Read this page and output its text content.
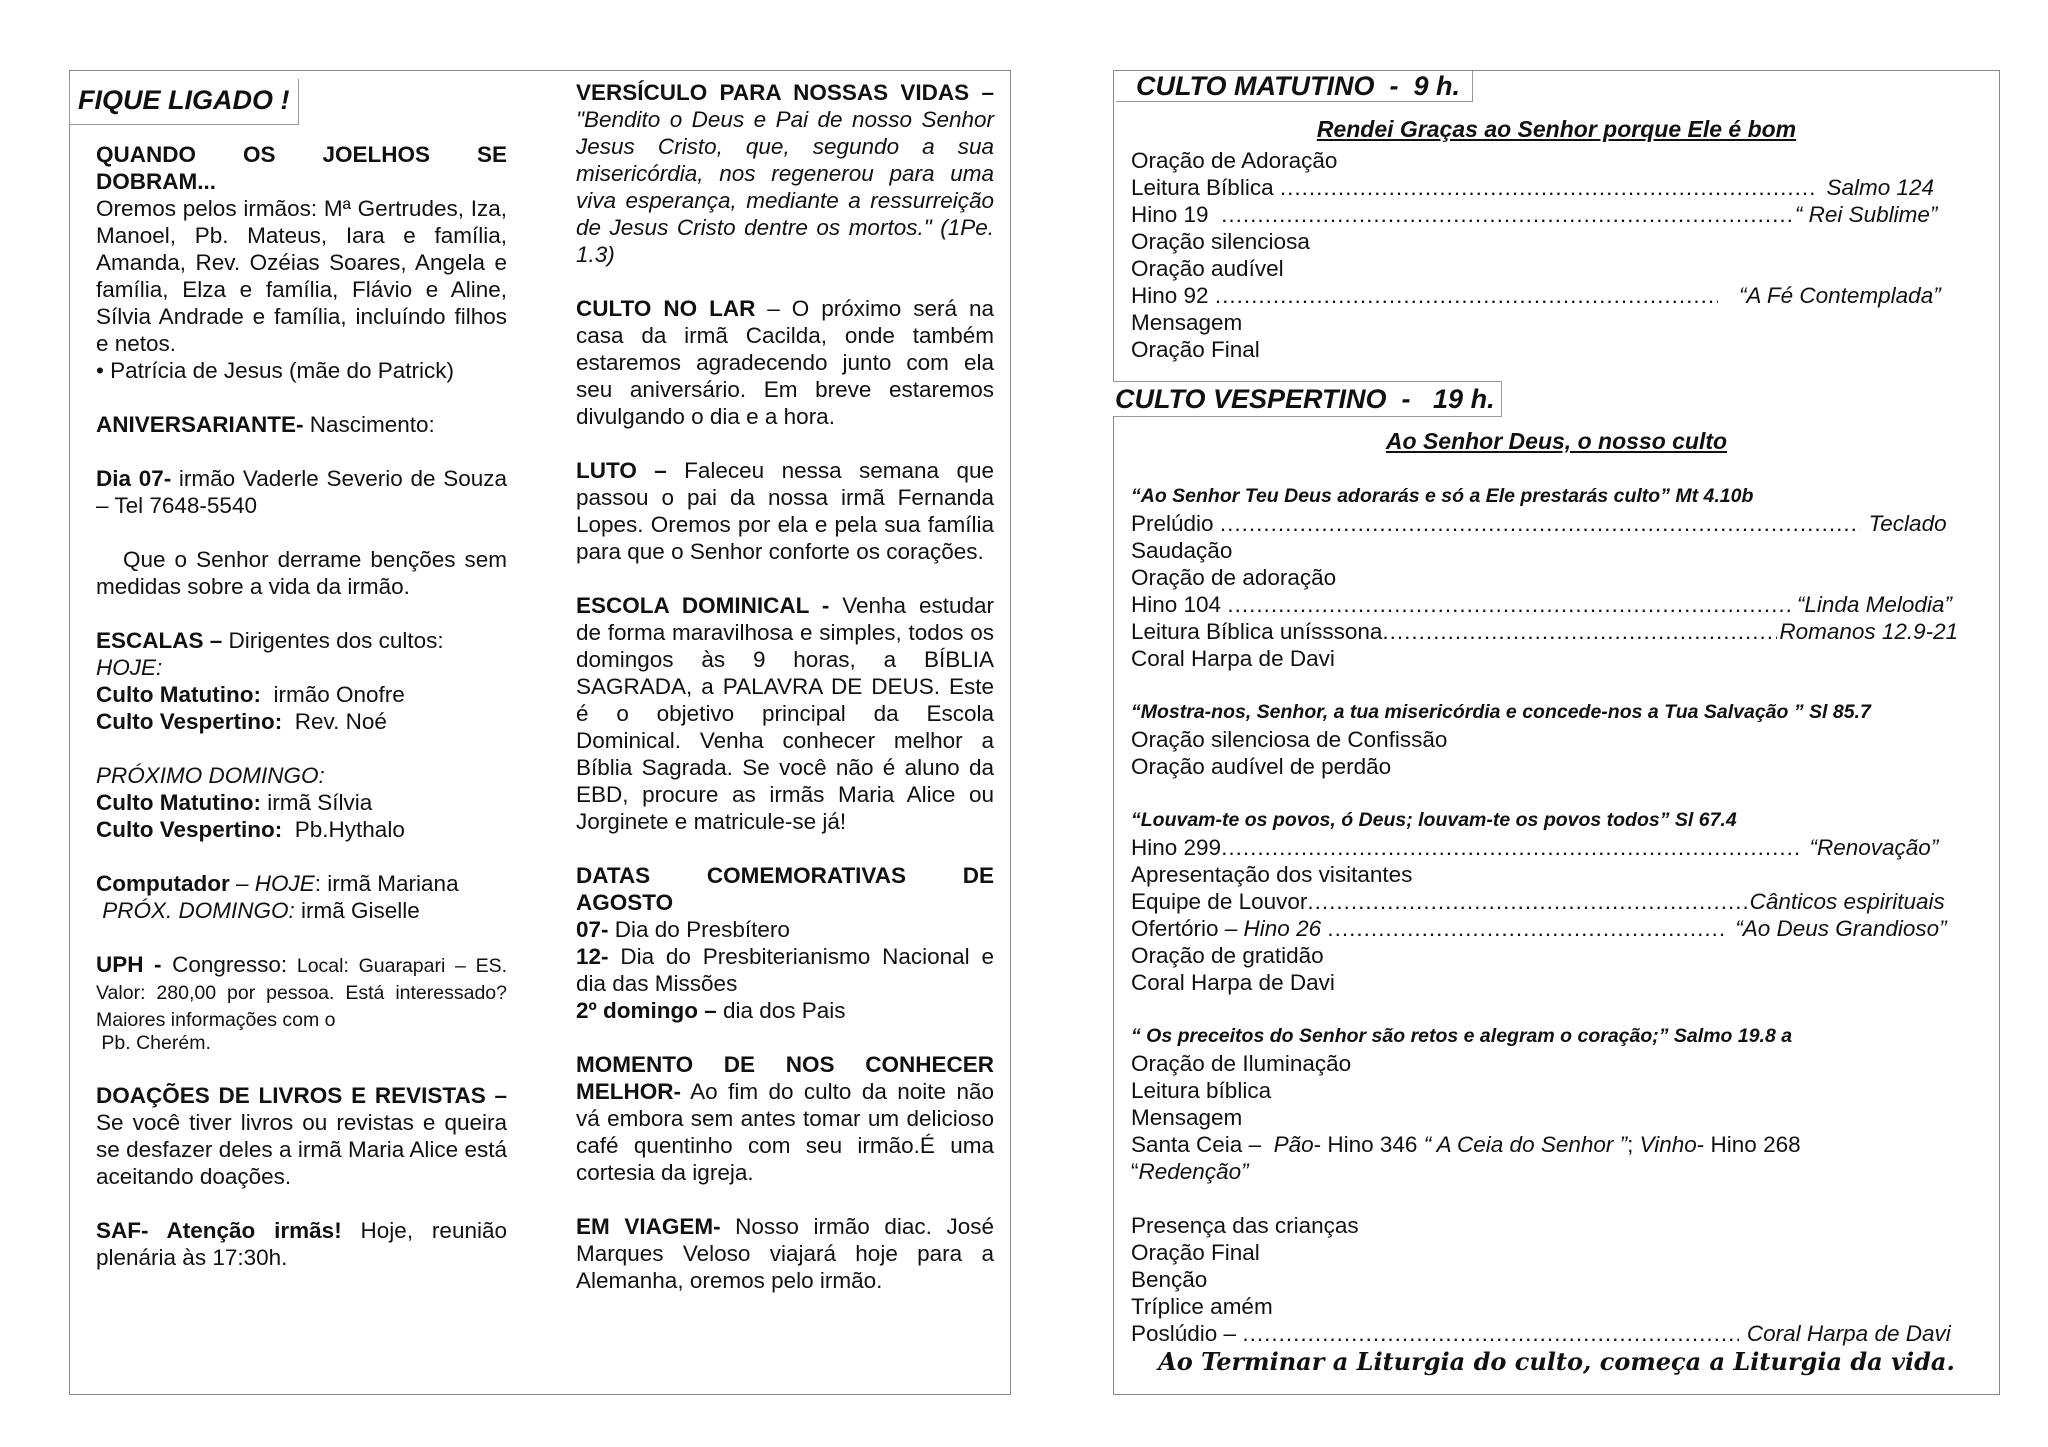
FIQUE LIGADO !
QUANDO OS JOELHOS SE DOBRAM...
Oremos pelos irmãos: Mª Gertrudes, Iza, Manoel, Pb. Mateus, Iara e família, Amanda, Rev. Ozéias Soares, Angela e família, Elza e família, Flávio e Aline, Sílvia Andrade e família, incluíndo filhos e netos.
• Patrícia de Jesus (mãe do Patrick)
ANIVERSARIANTE- Nascimento:
Dia 07- irmão Vaderle Severio de Souza – Tel 7648-5540
Que o Senhor derrame benções sem medidas sobre a vida da irmão.
ESCALAS – Dirigentes dos cultos:
HOJE:
Culto Matutino:  irmão Onofre
Culto Vespertino:  Rev. Noé
PRÓXIMO DOMINGO:
Culto Matutino: irmã Sílvia
Culto Vespertino:  Pb.Hythalo
Computador – HOJE: irmã Mariana
PRÓX. DOMINGO: irmã Giselle
UPH - Congresso: Local: Guarapari – ES. Valor: 280,00 por pessoa. Está interessado? Maiores informações com o
Pb. Cherém.
DOAÇÕES DE LIVROS E REVISTAS – Se você tiver livros ou revistas e queira se desfazer deles a irmã Maria Alice está aceitando doações.
SAF- Atenção irmãs! Hoje, reunião plenária às 17:30h.
VERSÍCULO PARA NOSSAS VIDAS – "Bendito o Deus e Pai de nosso Senhor Jesus Cristo, que, segundo a sua misericórdia, nos regenerou para uma viva esperança, mediante a ressurreição de Jesus Cristo dentre os mortos." (1Pe. 1.3)
CULTO NO LAR – O próximo será na casa da irmã Cacilda, onde também estaremos agradecendo junto com ela seu aniversário. Em breve estaremos divulgando o dia e a hora.
LUTO – Faleceu nessa semana que passou o pai da nossa irmã Fernanda Lopes. Oremos por ela e pela sua família para que o Senhor conforte os corações.
ESCOLA DOMINICAL - Venha estudar de forma maravilhosa e simples, todos os domingos às 9 horas, a BÍBLIA SAGRADA, a PALAVRA DE DEUS. Este é o objetivo principal da Escola Dominical. Venha conhecer melhor a Bíblia Sagrada. Se você não é aluno da EBD, procure as irmãs Maria Alice ou Jorginete e matricule-se já!
DATAS COMEMORATIVAS DE AGOSTO
07- Dia do Presbítero
12- Dia do Presbiterianismo Nacional e dia das Missões
2º domingo – dia dos Pais
MOMENTO DE NOS CONHECER MELHOR- Ao fim do culto da noite não vá embora sem antes tomar um delicioso café quentinho com seu irmão.É uma cortesia da igreja.
EM VIAGEM- Nosso irmão diac. José Marques Veloso viajará hoje para a Alemanha, oremos pelo irmão.
CULTO MATUTINO  -  9 h.
Rendei Graças ao Senhor porque Ele é bom
Oração de Adoração
Leitura Bíblica .....	Salmo 124
Hino 19 .....	“ Rei Sublime”
Oração silenciosa
Oração audível
Hino 92 .....	“A Fé Contemplada”
Mensagem
Oração Final
CULTO VESPERTINO  -   19 h.
Ao Senhor Deus, o nosso culto
“Ao Senhor Teu Deus adorarás e só a Ele prestarás culto” Mt 4.10b
Prelúdio .....	Teclado
Saudação
Oração de adoração
Hino 104 .....	“Linda Melodia”
Leitura Bíblica unísssona .....	Romanos 12.9-21
Coral Harpa de Davi
“Mostra-nos, Senhor, a tua misericórdia e concede-nos a Tua Salvação ” Sl 85.7
Oração silenciosa de Confissão
Oração audível de perdão
“Louvam-te os povos, ó Deus; louvam-te os povos todos” Sl 67.4
Hino 299 .....	“Renovação”
Apresentação dos visitantes
Equipe de Louvor .....	Cânticos espirituais
Ofertório – Hino 26 .....	“Ao Deus Grandioso”
Oração de gratidão
Coral Harpa de Davi
“ Os preceitos do Senhor são retos e alegram o coração;” Salmo 19.8 a
Oração de Iluminação
Leitura bíblica
Mensagem
Santa Ceia –  Pão- Hino 346 “ A Ceia do Senhor ”; Vinho- Hino 268
“Redenção”
Presença das crianças
Oração Final
Benção
Tríplice amém
Poslúdio – .....	Coral Harpa de Davi
Ao Terminar a Liturgia do culto, começa a Liturgia da vida.
